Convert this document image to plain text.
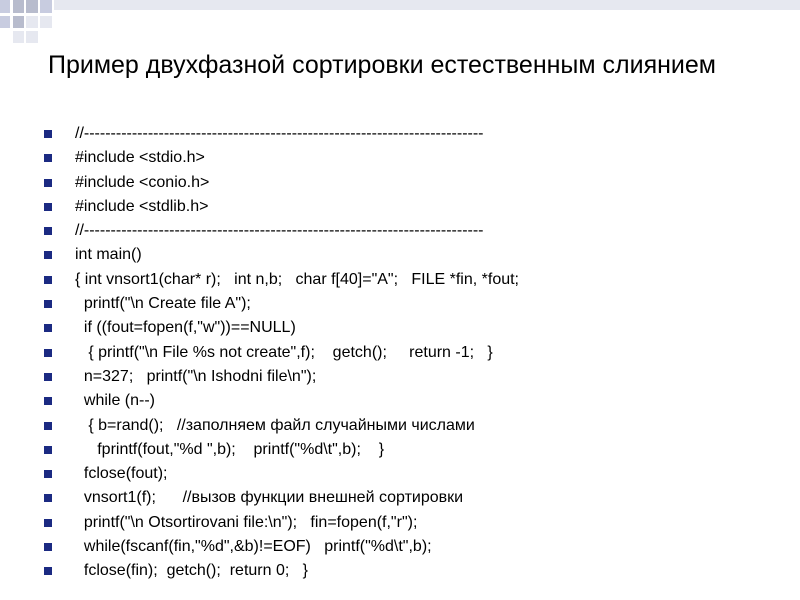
Пример двухфазной сортировки естественным слиянием
//---------------------------------------------------------------------------
#include <stdio.h>
#include <conio.h>
#include <stdlib.h>
//---------------------------------------------------------------------------
int main()
{ int vnsort1(char* r);   int n,b;   char f[40]="A";   FILE *fin, *fout;
printf("\n Create file A");
if ((fout=fopen(f,"w"))==NULL)
{ printf("\n File %s not create",f);    getch();     return -1;   }
n=327;   printf("\n Ishodni file\n");
while (n--)
{ b=rand();   //заполняем файл случайными числами
fprintf(fout,"%d ",b);    printf("%d\t",b);    }
fclose(fout);
vnsort1(f);      //вызов функции внешней сортировки
printf("\n Otsortirovani file:\n");   fin=fopen(f,"r");
while(fscanf(fin,"%d",&b)!=EOF)   printf("%d\t",b);
fclose(fin);  getch();  return 0;   }
